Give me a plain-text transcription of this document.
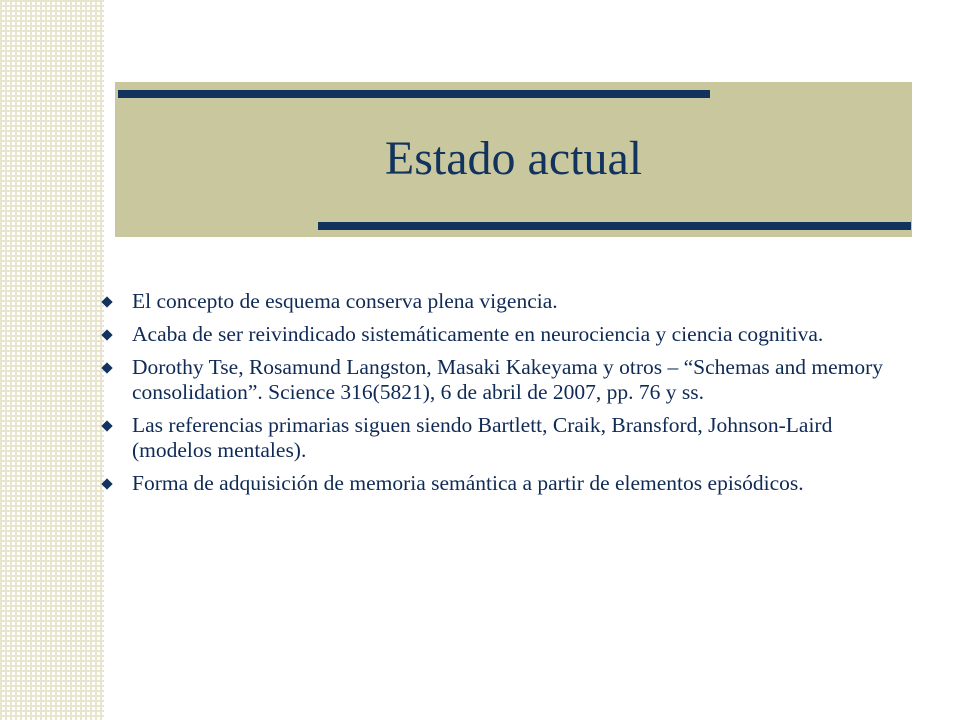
Estado actual
El concepto de esquema conserva plena vigencia.
Acaba de ser reivindicado sistemáticamente en neurociencia y ciencia cognitiva.
Dorothy Tse, Rosamund Langston, Masaki Kakeyama y otros – “Schemas and memory consolidation”. Science 316(5821), 6 de abril de 2007, pp. 76 y ss.
Las referencias primarias siguen siendo Bartlett, Craik, Bransford, Johnson-Laird (modelos mentales).
Forma de adquisición de memoria semántica a partir de elementos episódicos.
